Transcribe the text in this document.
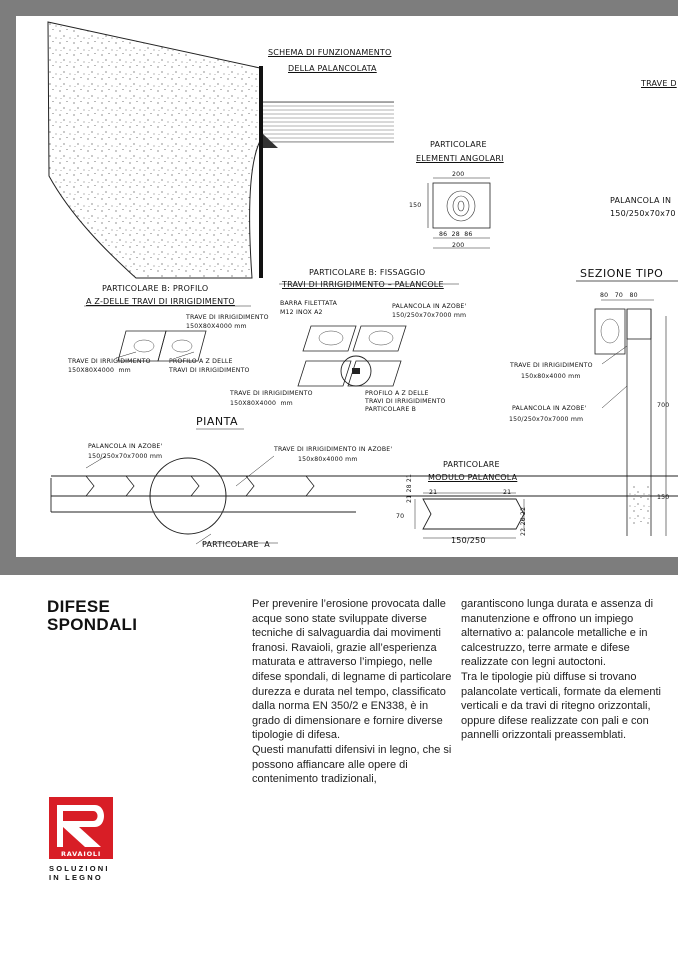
SCHEMA DI FUNZIONAMENTO
DELLA PALANCOLATA
TRAVE D
PARTICOLARE
ELEMENTI ANGOLARI
200
150
86  28  86
200
PALANCOLA IN
150/250x70x70
SEZIONE TIPO
80   70   80
PARTICOLARE B: PROFILO
A Z-DELLE TRAVI DI IRRIGIDIMENTO
PARTICOLARE B: FISSAGGIO
TRAVI DI IRRIGIDIMENTO – PALANCOLE
BARRA FILETTATA
M12 INOX A2
PALANCOLA IN AZOBE'
150/250x70x7000 mm
TRAVE DI IRRIGIDIMENTO
150X80X4000 mm
TRAVE DI IRRIGIDIMENTO
150X80X4000  mm
PROFILO A Z DELLE
TRAVI DI IRRIGIDIMENTO
TRAVE DI IRRIGIDIMENTO
150X80X4000  mm
PROFILO A Z DELLE
TRAVI DI IRRIGIDIMENTO
PARTICOLARE B
TRAVE DI IRRIGIDIMENTO
150x80x4000 mm
PALANCOLA IN AZOBE'
150/250x70x7000 mm
700
150
PIANTA
PALANCOLA IN AZOBE'
150/250x70x7000 mm
TRAVE DI IRRIGIDIMENTO IN AZOBE'
150x80x4000 mm
PARTICOLARE  A
PARTICOLARE
MODULO PALANCOLA
21	21
70
21 28 21
22 26 22
150/250
DIFESE
SPONDALI

Per prevenire l’erosione provocata dalle acque sono state sviluppate diverse tecniche di salvaguardia dai movimenti franosi. Ravaioli, grazie all’esperienza maturata e attraverso l’impiego, nelle difese spondali, di legname di particolare durezza e durata nel tempo, classificato dalla norma EN 350/2 e EN338, è in grado di dimensionare e fornire diverse tipologie di difesa.

Questi manufatti difensivi in legno, che si possono affiancare alle opere di contenimento tradizionali,

garantiscono lunga durata e assenza di manutenzione e offrono un impiego alternativo a: palancole metalliche e in calcestruzzo, terre armate e difese realizzate con legni autoctoni.

Tra le tipologie più diffuse si trovano palancolate verticali, formate da elementi verticali e da travi di ritegno orizzontali, oppure difese realizzate con pali e con pannelli orizzontali preassemblati.

RAVAIOLI
SOLUZIONI
IN LEGNO
